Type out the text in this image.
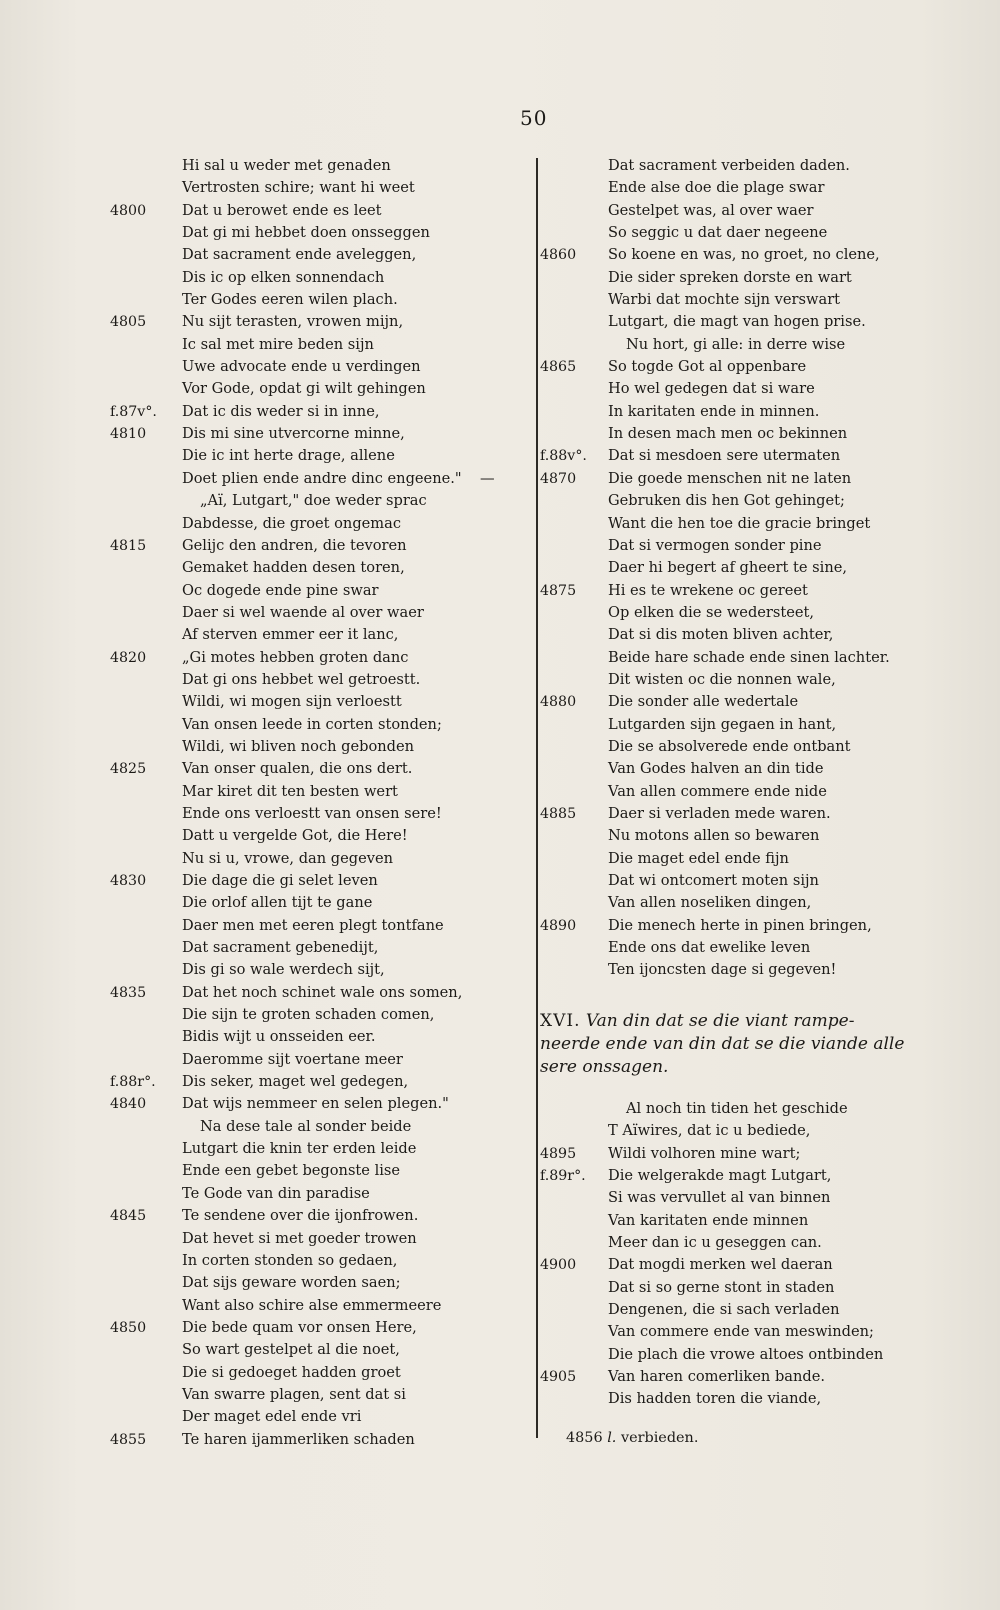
50
Hi sal u weder met genaden
Vertrosten schire; want hi weet
4800	Dat u berowet ende es leet
Dat gi mi hebbet doen onsseggen
Dat sacrament ende aveleggen,
Dis ic op elken sonnendach
Ter Godes eeren wilen plach.
4805	Nu sijt terasten, vrowen mijn,
Ic sal met mire beden sijn
Uwe advocate ende u verdingen
Vor Gode, opdat gi wilt gehingen
f.87v°.	Dat ic dis weder si in inne,
4810	Dis mi sine utvercorne minne,
Die ic int herte drage, allene
Doet plien ende andre dinc engeene." —
„Aï, Lutgart," doe weder sprac
Dabdesse, die groet ongemac
4815	Gelijc den andren, die tevoren
Gemaket hadden desen toren,
Oc dogede ende pine swar
Daer si wel waende al over waer
Af sterven emmer eer it lanc,
4820	„Gi motes hebben groten danc
Dat gi ons hebbet wel getroestt.
Wildi, wi mogen sijn verloestt
Van onsen leede in corten stonden;
Wildi, wi bliven noch gebonden
4825	Van onser qualen, die ons dert.
Mar kiret dit ten besten wert
Ende ons verloestt van onsen sere!
Datt u vergelde Got, die Here!
Nu si u, vrowe, dan gegeven
4830	Die dage die gi selet leven
Die orlof allen tijt te gane
Daer men met eeren plegt tontfane
Dat sacrament gebenedijt,
Dis gi so wale werdech sijt,
4835	Dat het noch schinet wale ons somen,
Die sijn te groten schaden comen,
Bidis wijt u onsseiden eer.
Daeromme sijt voertane meer
f.88r°.	Dis seker, maget wel gedegen,
4840	Dat wijs nemmeer en selen plegen."
Na dese tale al sonder beide
Lutgart die knin ter erden leide
Ende een gebet begonste lise
Te Gode van din paradise
4845	Te sendene over die ijonfrowen.
Dat hevet si met goeder trowen
In corten stonden so gedaen,
Dat sijs geware worden saen;
Want also schire alse emmermeere
4850	Die bede quam vor onsen Here,
So wart gestelpet al die noet,
Die si gedoeget hadden groet
Van swarre plagen, sent dat si
Der maget edel ende vri
4855	Te haren ijammerliken schaden
Dat sacrament verbeiden daden.
Ende alse doe die plage swar
Gestelpet was, al over waer
So seggic u dat daer negeene
4860	So koene en was, no groet, no clene,
Die sider spreken dorste en wart
Warbi dat mochte sijn verswart
Lutgart, die magt van hogen prise.
Nu hort, gi alle: in derre wise
4865	So togde Got al oppenbare
Ho wel gedegen dat si ware
In karitaten ende in minnen.
In desen mach men oc bekinnen
f.88v°.	Dat si mesdoen sere utermaten
4870	Die goede menschen nit ne laten
Gebruken dis hen Got gehinget;
Want die hen toe die gracie bringet
Dat si vermogen sonder pine
Daer hi begert af gheert te sine,
4875	Hi es te wrekene oc gereet
Op elken die se wedersteet,
Dat si dis moten bliven achter,
Beide hare schade ende sinen lachter.
Dit wisten oc die nonnen wale,
4880	Die sonder alle wedertale
Lutgarden sijn gegaen in hant,
Die se absolverede ende ontbant
Van Godes halven an din tide
Van allen commere ende nide
4885	Daer si verladen mede waren.
Nu motons allen so bewaren
Die maget edel ende fijn
Dat wi ontcomert moten sijn
Van allen noseliken dingen,
4890	Die menech herte in pinen bringen,
Ende ons dat ewelike leven
Ten ijoncsten dage si gegeven!
XVI. Van din dat se die viant rampe-
neerde ende van din dat se die viande alle
sere onssagen.
Al noch tin tiden het geschide
T Aïwires, dat ic u bediede,
4895	Wildi volhoren mine wart;
f.89r°.	Die welgerakde magt Lutgart,
Si was vervullet al van binnen
Van karitaten ende minnen
Meer dan ic u geseggen can.
4900	Dat mogdi merken wel daeran
Dat si so gerne stont in staden
Dengenen, die si sach verladen
Van commere ende van meswinden;
Die plach die vrowe altoes ontbinden
4905	Van haren comerliken bande.
Dis hadden toren die viande,
4856 l. verbieden.
